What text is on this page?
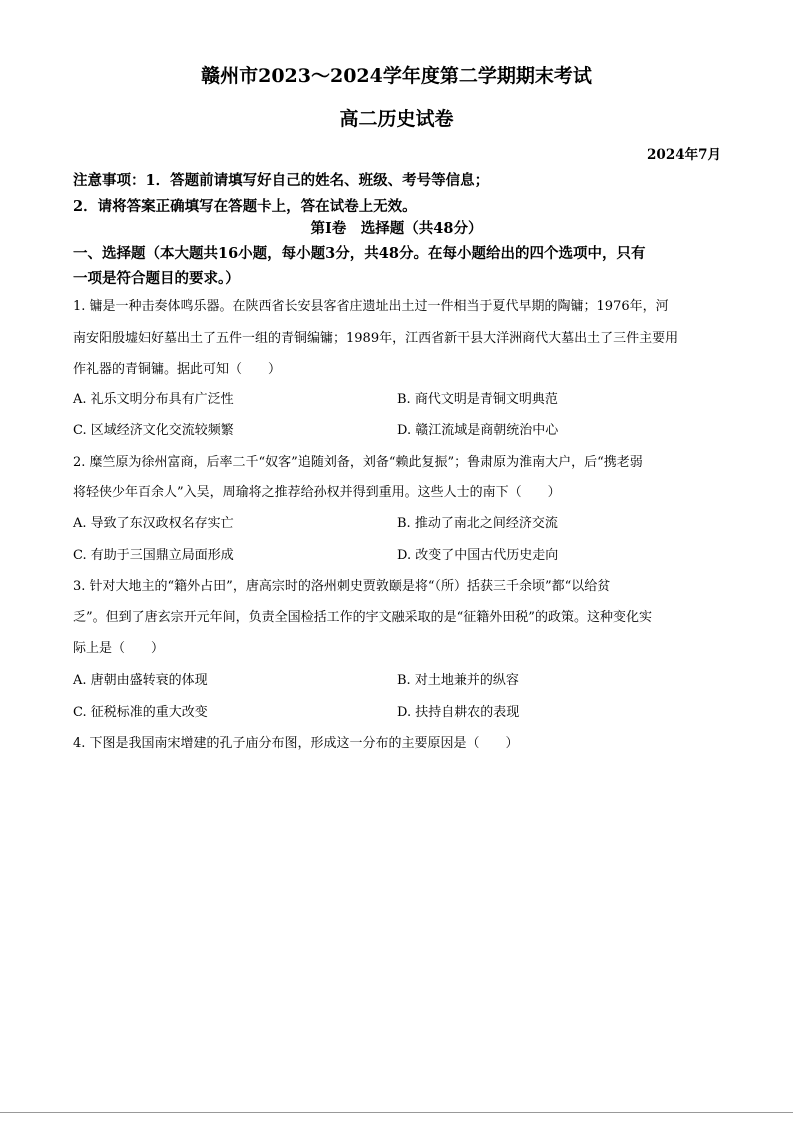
赣州市2023～2024学年度第二学期期末考试
高二历史试卷
2024年7月
注意事项：1．答题前请填写好自己的姓名、班级、考号等信息；
2．请将答案正确填写在答题卡上，答在试卷上无效。
第Ⅰ卷　选择题（共48分）
一、选择题（本大题共16小题，每小题3分，共48分。在每小题给出的四个选项中，只有
一项是符合题目的要求。）
1. 镛是一种击奏体鸣乐器。在陕西省长安县客省庄遗址出土过一件相当于夏代早期的陶镛；1976年，河
南安阳殷墟妇好墓出土了五件一组的青铜编镛；1989年，江西省新干县大洋洲商代大墓出土了三件主要用
作礼器的青铜镛。据此可知（　　）
A. 礼乐文明分布具有广泛性	B. 商代文明是青铜文明典范
C. 区域经济文化交流较频繁	D. 赣江流域是商朝统治中心
2. 糜竺原为徐州富商，后率二千“奴客”追随刘备，刘备“赖此复振”；鲁肃原为淮南大户，后“携老弱
将轻侠少年百余人”入吴，周瑜将之推荐给孙权并得到重用。这些人士的南下（　　）
A. 导致了东汉政权名存实亡	B. 推动了南北之间经济交流
C. 有助于三国鼎立局面形成	D. 改变了中国古代历史走向
3. 针对大地主的“籍外占田”，唐高宗时的洛州刺史贾敦颐是将“（所）括获三千余顷”都“以给贫
乏”。但到了唐玄宗开元年间，负责全国检括工作的宇文融采取的是“征籍外田税”的政策。这种变化实
际上是（　　）
A. 唐朝由盛转衰的体现	B. 对土地兼并的纵容
C. 征税标准的重大改变	D. 扶持自耕农的表现
4. 下图是我国南宋增建的孔子庙分布图，形成这一分布的主要原因是（　　）
